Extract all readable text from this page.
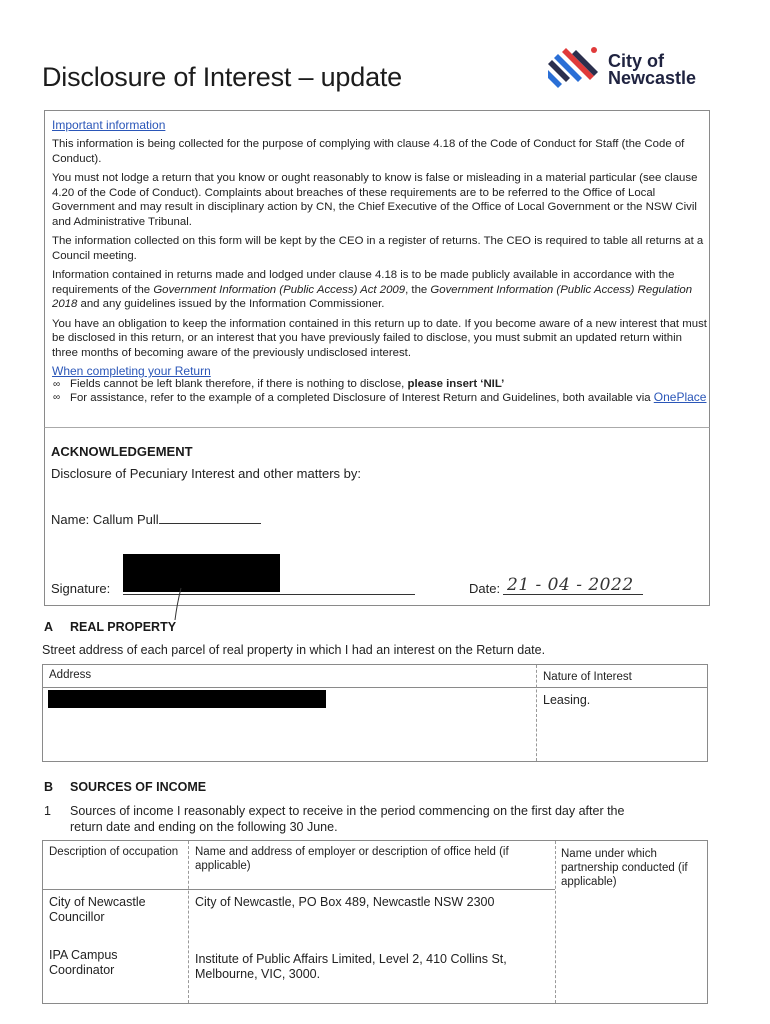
Disclosure of Interest – update
City of
Newcastle
Important information
This information is being collected for the purpose of complying with clause 4.18 of the Code of Conduct for Staff (the Code of Conduct).
You must not lodge a return that you know or ought reasonably to know is false or misleading in a material particular (see clause 4.20 of the Code of Conduct). Complaints about breaches of these requirements are to be referred to the Office of Local Government and may result in disciplinary action by CN, the Chief Executive of the Office of Local Government or the NSW Civil and Administrative Tribunal.
The information collected on this form will be kept by the CEO in a register of returns. The CEO is required to table all returns at a Council meeting.
Information contained in returns made and lodged under clause 4.18 is to be made publicly available in accordance with the requirements of the Government Information (Public Access) Act 2009, the Government Information (Public Access) Regulation 2018 and any guidelines issued by the Information Commissioner.
You have an obligation to keep the information contained in this return up to date. If you become aware of a new interest that must be disclosed in this return, or an interest that you have previously failed to disclose, you must submit an updated return within three months of becoming aware of the previously undisclosed interest.
When completing your Return
∞ Fields cannot be left blank therefore, if there is nothing to disclose, please insert ‘NIL’
∞ For assistance, refer to the example of a completed Disclosure of Interest Return and Guidelines, both available via OnePlace
ACKNOWLEDGEMENT
Disclosure of Pecuniary Interest and other matters by:
Name: Callum Pull
Signature:	Date: 21 - 04 - 2022
A REAL PROPERTY
Street address of each parcel of real property in which I had an interest on the Return date.
Address	Nature of Interest
Leasing.
B SOURCES OF INCOME
1 Sources of income I reasonably expect to receive in the period commencing on the first day after the
return date and ending on the following 30 June.
Description of occupation Name and address of employer or description of office held (if applicable)
Name under which partnership conducted (if applicable)
City of Newcastle Councillor
City of Newcastle, PO Box 489, Newcastle NSW 2300
IPA Campus Coordinator
Institute of Public Affairs Limited, Level 2, 410 Collins St, Melbourne, VIC, 3000.
